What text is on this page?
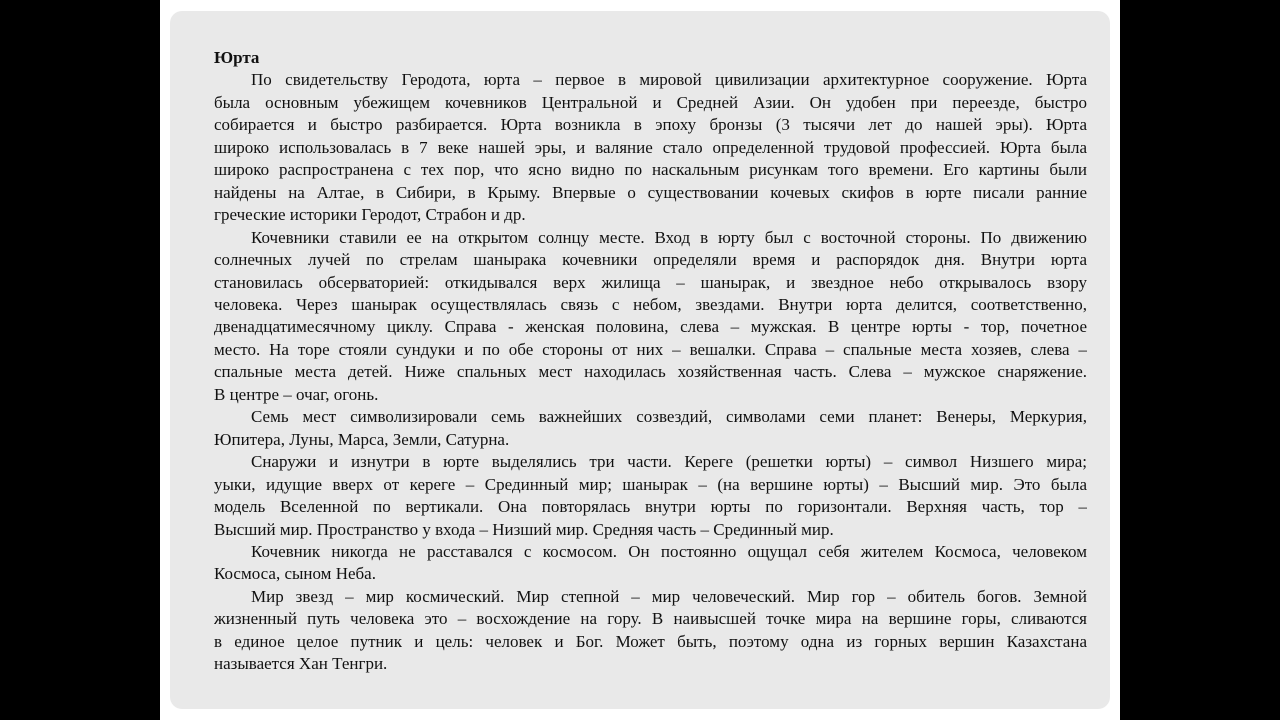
Юрта
По свидетельству Геродота, юрта – первое в мировой цивилизации архитектурное сооружение. Юрта
была основным убежищем кочевников Центральной и Средней Азии. Он удобен при переезде, быстро
собирается и быстро разбирается. Юрта возникла в эпоху бронзы (3 тысячи лет до нашей эры). Юрта
широко использовалась в 7 веке нашей эры, и валяние стало определенной трудовой профессией. Юрта была
широко распространена с тех пор, что ясно видно по наскальным рисункам того времени. Его картины были
найдены на Алтае, в Сибири, в Крыму. Впервые о существовании кочевых скифов в юрте писали ранние
греческие историки Геродот, Страбон и др.
Кочевники ставили ее на открытом солнцу месте. Вход в юрту был с восточной стороны. По движению
солнечных лучей по стрелам шанырака кочевники определяли время и распорядок дня. Внутри юрта
становилась обсерваторией: откидывался верх жилища – шанырак, и звездное небо открывалось взору
человека. Через шанырак осуществлялась связь с небом, звездами. Внутри юрта делится, соответственно,
двенадцатимесячному циклу. Справа - женская половина, слева – мужская. В центре юрты - тор, почетное
место. На торе стояли сундуки и по обе стороны от них – вешалки. Справа – спальные места хозяев, слева –
спальные места детей. Ниже спальных мест находилась хозяйственная часть. Слева – мужское снаряжение.
В центре – очаг, огонь.
Семь мест символизировали семь важнейших созвездий, символами семи планет: Венеры, Меркурия,
Юпитера, Луны, Марса, Земли, Сатурна.
Снаружи и изнутри в юрте выделялись три части. Кереге (решетки юрты) – символ Низшего мира;
уыки, идущие вверх от кереге – Срединный мир; шанырак – (на вершине юрты) – Высший мир. Это была
модель Вселенной по вертикали. Она повторялась внутри юрты по горизонтали. Верхняя часть, тор –
Высший мир. Пространство у входа – Низший мир. Средняя часть – Срединный мир.
Кочевник никогда не расставался с космосом. Он постоянно ощущал себя жителем Космоса, человеком
Космоса, сыном Неба.
Мир звезд – мир космический. Мир степной – мир человеческий. Мир гор – обитель богов. Земной
жизненный путь человека это – восхождение на гору. В наивысшей точке мира на вершине горы, сливаются
в единое целое путник и цель: человек и Бог. Может быть, поэтому одна из горных вершин Казахстана
называется Хан Тенгри.
